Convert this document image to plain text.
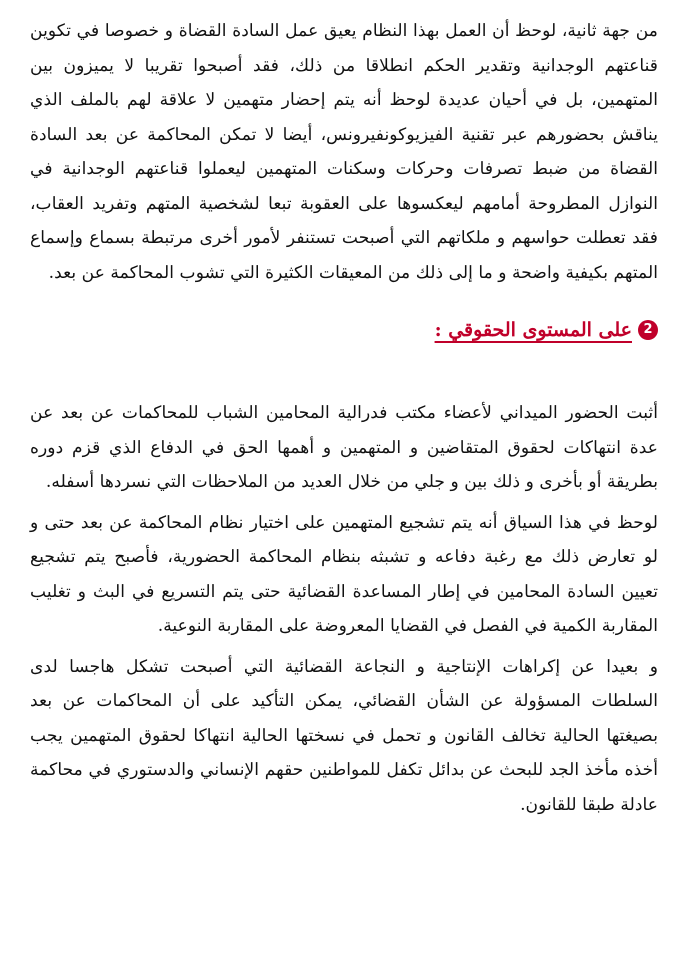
من جهة ثانية، لوحظ أن العمل بهذا النظام يعيق عمل السادة القضاة و خصوصا في تكوين قناعتهم الوجدانية وتقدير الحكم انطلاقا من ذلك، فقد أصبحوا تقريبا لا يميزون بين المتهمين، بل في أحيان عديدة لوحظ أنه يتم إحضار متهمين لا علاقة لهم بالملف الذي يناقش بحضورهم عبر تقنية الفيزيوكونفيرونس، أيضا لا تمكن المحاكمة عن بعد السادة القضاة من ضبط تصرفات وحركات وسكنات المتهمين ليعملوا قناعتهم الوجدانية في النوازل المطروحة أمامهم ليعكسوها على العقوبة تبعا لشخصية المتهم وتفريد العقاب، فقد تعطلت حواسهم و ملكاتهم التي أصبحت تستنفر لأمور أخرى مرتبطة بسماع وإسماع المتهم بكيفية واضحة و ما إلى ذلك من المعيقات الكثيرة التي تشوب المحاكمة عن بعد.

2
على المستوى الحقوقي :

أثبت الحضور الميداني لأعضاء مكتب فدرالية المحامين الشباب للمحاكمات عن بعد عن عدة انتهاكات لحقوق المتقاضين و المتهمين و أهمها الحق في الدفاع الذي قزم دوره بطريقة أو بأخرى و ذلك بين و جلي من خلال العديد من الملاحظات التي نسردها أسفله.

لوحظ في هذا السياق أنه يتم تشجيع المتهمين على اختيار نظام المحاكمة عن بعد حتى و لو تعارض ذلك مع رغبة دفاعه و تشبثه بنظام المحاكمة الحضورية، فأصبح يتم تشجيع تعيين السادة المحامين في إطار المساعدة القضائية حتى يتم التسريع في البث و تغليب المقاربة الكمية في الفصل في القضايا المعروضة على المقاربة النوعية.

و بعيدا عن إكراهات الإنتاجية و النجاعة القضائية التي أصبحت تشكل هاجسا لدى السلطات المسؤولة عن الشأن القضائي، يمكن التأكيد على أن المحاكمات عن بعد بصيغتها الحالية تخالف القانون و تحمل في نسختها الحالية انتهاكا لحقوق المتهمين يجب أخذه مأخذ الجد للبحث عن بدائل تكفل للمواطنين حقهم الإنساني والدستوري في محاكمة عادلة طبقا للقانون.
